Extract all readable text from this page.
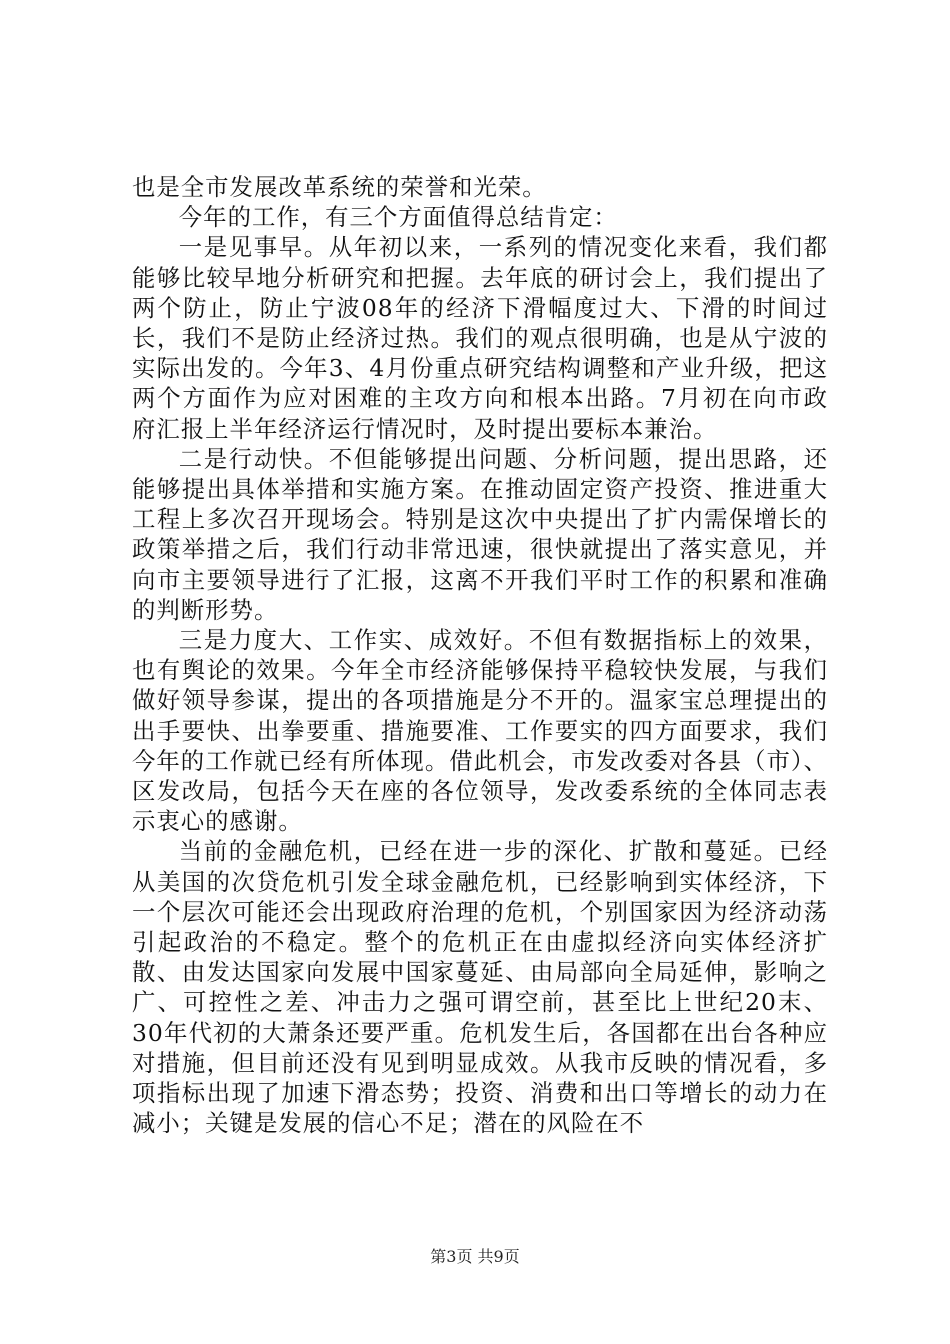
也是全市发展改革系统的荣誉和光荣。

今年的工作，有三个方面值得总结肯定：

一是见事早。从年初以来，一系列的情况变化来看，我们都能够比较早地分析研究和把握。去年底的研讨会上，我们提出了两个防止，防止宁波08年的经济下滑幅度过大、下滑的时间过长，我们不是防止经济过热。我们的观点很明确，也是从宁波的实际出发的。今年3、4月份重点研究结构调整和产业升级，把这两个方面作为应对困难的主攻方向和根本出路。7月初在向市政府汇报上半年经济运行情况时，及时提出要标本兼治。

二是行动快。不但能够提出问题、分析问题，提出思路，还能够提出具体举措和实施方案。在推动固定资产投资、推进重大工程上多次召开现场会。特别是这次中央提出了扩内需保增长的政策举措之后，我们行动非常迅速，很快就提出了落实意见，并向市主要领导进行了汇报，这离不开我们平时工作的积累和准确的判断形势。

三是力度大、工作实、成效好。不但有数据指标上的效果，也有舆论的效果。今年全市经济能够保持平稳较快发展，与我们做好领导参谋，提出的各项措施是分不开的。温家宝总理提出的出手要快、出拳要重、措施要准、工作要实的四方面要求，我们今年的工作就已经有所体现。借此机会，市发改委对各县（市）、区发改局，包括今天在座的各位领导，发改委系统的全体同志表示衷心的感谢。

当前的金融危机，已经在进一步的深化、扩散和蔓延。已经从美国的次贷危机引发全球金融危机，已经影响到实体经济，下一个层次可能还会出现政府治理的危机，个别国家因为经济动荡引起政治的不稳定。整个的危机正在由虚拟经济向实体经济扩散、由发达国家向发展中国家蔓延、由局部向全局延伸，影响之广、可控性之差、冲击力之强可谓空前，甚至比上世纪20末、30年代初的大萧条还要严重。危机发生后，各国都在出台各种应对措施，但目前还没有见到明显成效。从我市反映的情况看，多项指标出现了加速下滑态势；投资、消费和出口等增长的动力在减小；关键是发展的信心不足；潜在的风险在不

第3页 共9页
